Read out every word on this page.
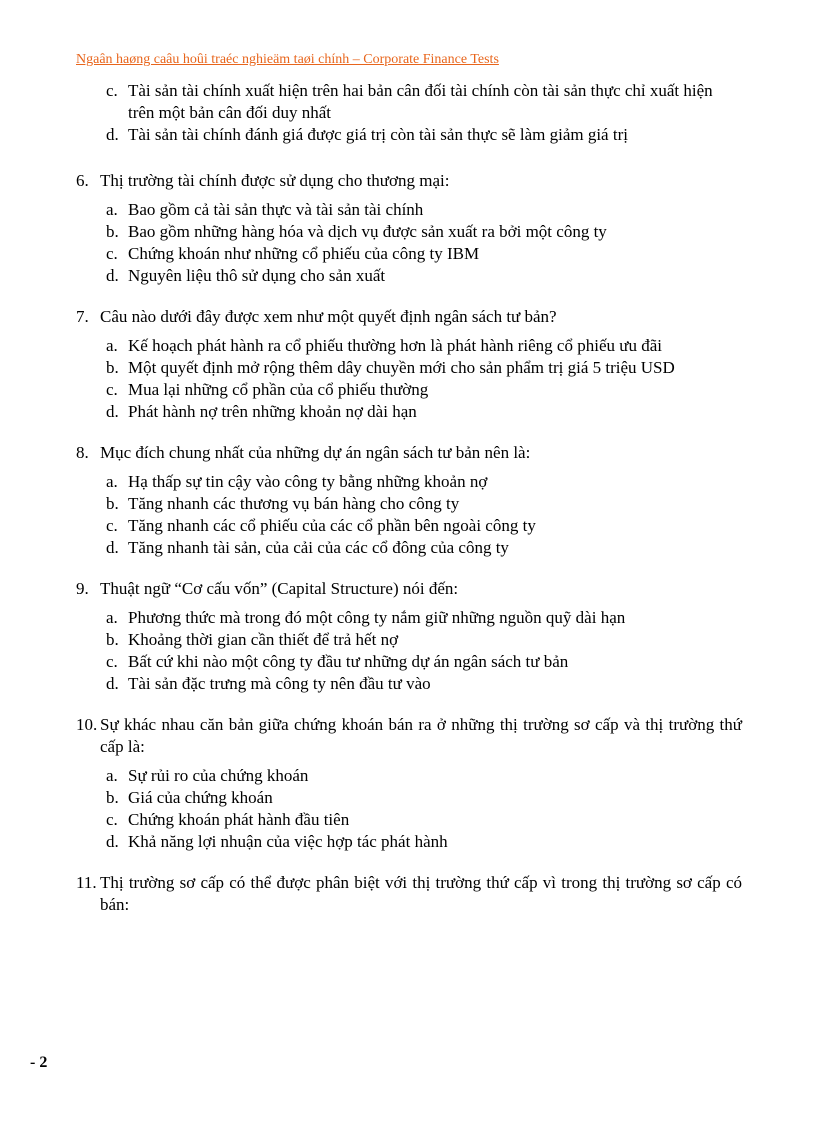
Ngaân haøng caâu hoûi traéc nghieäm taøi chính – Corporate Finance Tests
c. Tài sản tài chính xuất hiện trên hai bản cân đối tài chính còn tài sản thực chỉ xuất hiện trên một bản cân đối duy nhất
d. Tài sản tài chính đánh giá được giá trị còn tài sản thực sẽ làm giảm giá trị

6. Thị trường tài chính được sử dụng cho thương mại:

a. Bao gồm cả tài sản thực và tài sản tài chính
b. Bao gồm những hàng hóa và dịch vụ được sản xuất ra bởi một công ty
c. Chứng khoán như những cổ phiếu của công ty IBM
d. Nguyên liệu thô sử dụng cho sản xuất

7. Câu nào dưới đây được xem như một quyết định ngân sách tư bản?

a. Kế hoạch phát hành ra cổ phiếu thường hơn là phát hành riêng cổ phiếu ưu đãi
b. Một quyết định mở rộng thêm dây chuyền mới cho sản phẩm trị giá 5 triệu USD
c. Mua lại những cổ phần của cổ phiếu thường
d. Phát hành nợ trên những khoản nợ dài hạn

8. Mục đích chung nhất của những dự án ngân sách tư bản nên là:

a. Hạ thấp sự tin cậy vào công ty bằng những khoản nợ
b. Tăng nhanh các thương vụ bán hàng cho công ty
c. Tăng nhanh các cổ phiếu của các cổ phần bên ngoài công ty
d. Tăng nhanh tài sản, của cải của các cổ đông của công ty

9. Thuật ngữ “Cơ cấu vốn” (Capital Structure) nói đến:

a. Phương thức mà trong đó một công ty nắm giữ những nguồn quỹ dài hạn
b. Khoảng thời gian cần thiết để trả hết nợ
c. Bất cứ khi nào một công ty đầu tư những dự án ngân sách tư bản
d. Tài sản đặc trưng mà công ty nên đầu tư vào

10. Sự khác nhau căn bản giữa chứng khoán bán ra ở những thị trường sơ cấp và thị trường thứ cấp là:

a. Sự rủi ro của chứng khoán
b. Giá của chứng khoán
c. Chứng khoán phát hành đầu tiên
d. Khả năng lợi nhuận của việc hợp tác phát hành

11. Thị trường sơ cấp có thể được phân biệt với thị trường thứ cấp vì trong thị trường sơ cấp có bán:

- 2
